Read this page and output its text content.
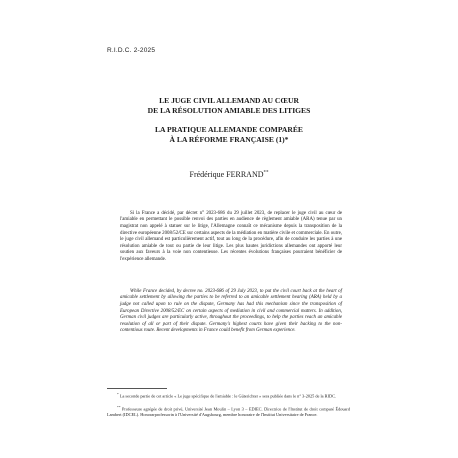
R.I.D.C. 2-2025
LE JUGE CIVIL ALLEMAND AU CŒUR
DE LA RÉSOLUTION AMIABLE DES LITIGES
LA PRATIQUE ALLEMANDE COMPARÉE
À LA RÉFORME FRANÇAISE (1)*
Frédérique FERRAND**

Si la France a décidé, par décret n° 2023-686 du 29 juillet 2023, de replacer le juge civil au cœur de l'amiable en permettant le possible renvoi des parties en audience de règlement amiable (ARA) tenue par un magistrat non appelé à statuer sur le litige, l'Allemagne connaît ce mécanisme depuis la transposition de la directive européenne 2008/52/CE sur certains aspects de la médiation en matière civile et commerciale. En outre, le juge civil allemand est particulièrement actif, tout au long de la procédure, afin de conduire les parties à une résolution amiable de tout ou partie de leur litige. Les plus hautes juridictions allemandes ont apporté leur soutien aux faveurs à la voie non contentieuse. Les récentes évolutions françaises pourraient bénéficier de l'expérience allemande.

While France decided, by decree no. 2023-686 of 29 July 2023, to put the civil court back at the heart of amicable settlement by allowing the parties to be referred to an amicable settlement hearing (ARA) held by a judge not called upon to rule on the dispute, Germany has had this mechanism since the transposition of European Directive 2008/52/EC on certain aspects of mediation in civil and commercial matters. In addition, German civil judges are particularly active, throughout the proceedings, to help the parties reach an amicable resolution of all or part of their dispute. Germany's highest courts have given their backing to the non-contentious route. Recent developments in France could benefit from German experience.

* La seconde partie de cet article « Le juge spécifique de l'amiable : le Güterichter » sera publiée dans le n° 3-2025 de la RIDC.
** Professeure agrégée de droit privé, Université Jean Moulin – Lyon 3 – EDIEC. Directrice de l'Institut de droit comparé Édouard Lambert (IDCEL). Honorarprofessorin à l'Université d'Augsbourg, membre honoraire de l'Institut Universitaire de France.
